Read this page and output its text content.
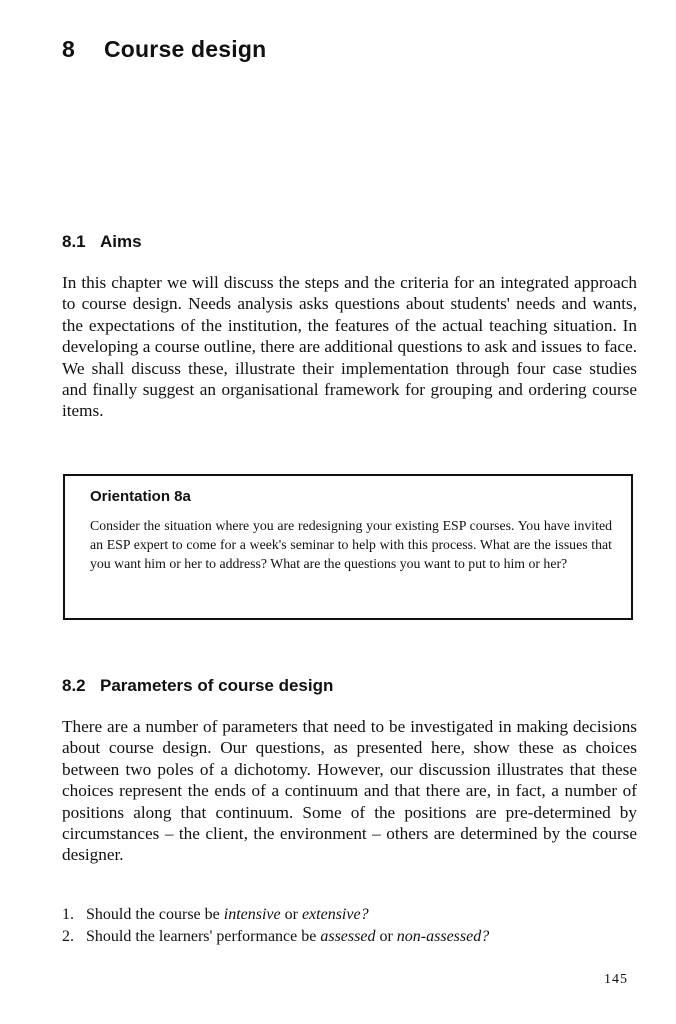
8 Course design
8.1 Aims

In this chapter we will discuss the steps and the criteria for an integrated approach to course design. Needs analysis asks questions about students' needs and wants, the expectations of the institution, the features of the actual teaching situation. In developing a course outline, there are additional questions to ask and issues to face. We shall discuss these, illustrate their implementation through four case studies and finally suggest an organisational framework for grouping and ordering course items.

Orientation 8a

Consider the situation where you are redesigning your existing ESP courses. You have invited an ESP expert to come for a week's seminar to help with this process. What are the issues that you want him or her to address? What are the questions you want to put to him or her?

8.2 Parameters of course design

There are a number of parameters that need to be investigated in making decisions about course design. Our questions, as presented here, show these as choices between two poles of a dichotomy. However, our discussion illustrates that these choices represent the ends of a continuum and that there are, in fact, a number of positions along that continuum. Some of the positions are pre-determined by circumstances – the client, the environment – others are determined by the course designer.

1. Should the course be intensive or extensive?
2. Should the learners' performance be assessed or non-assessed?
145
